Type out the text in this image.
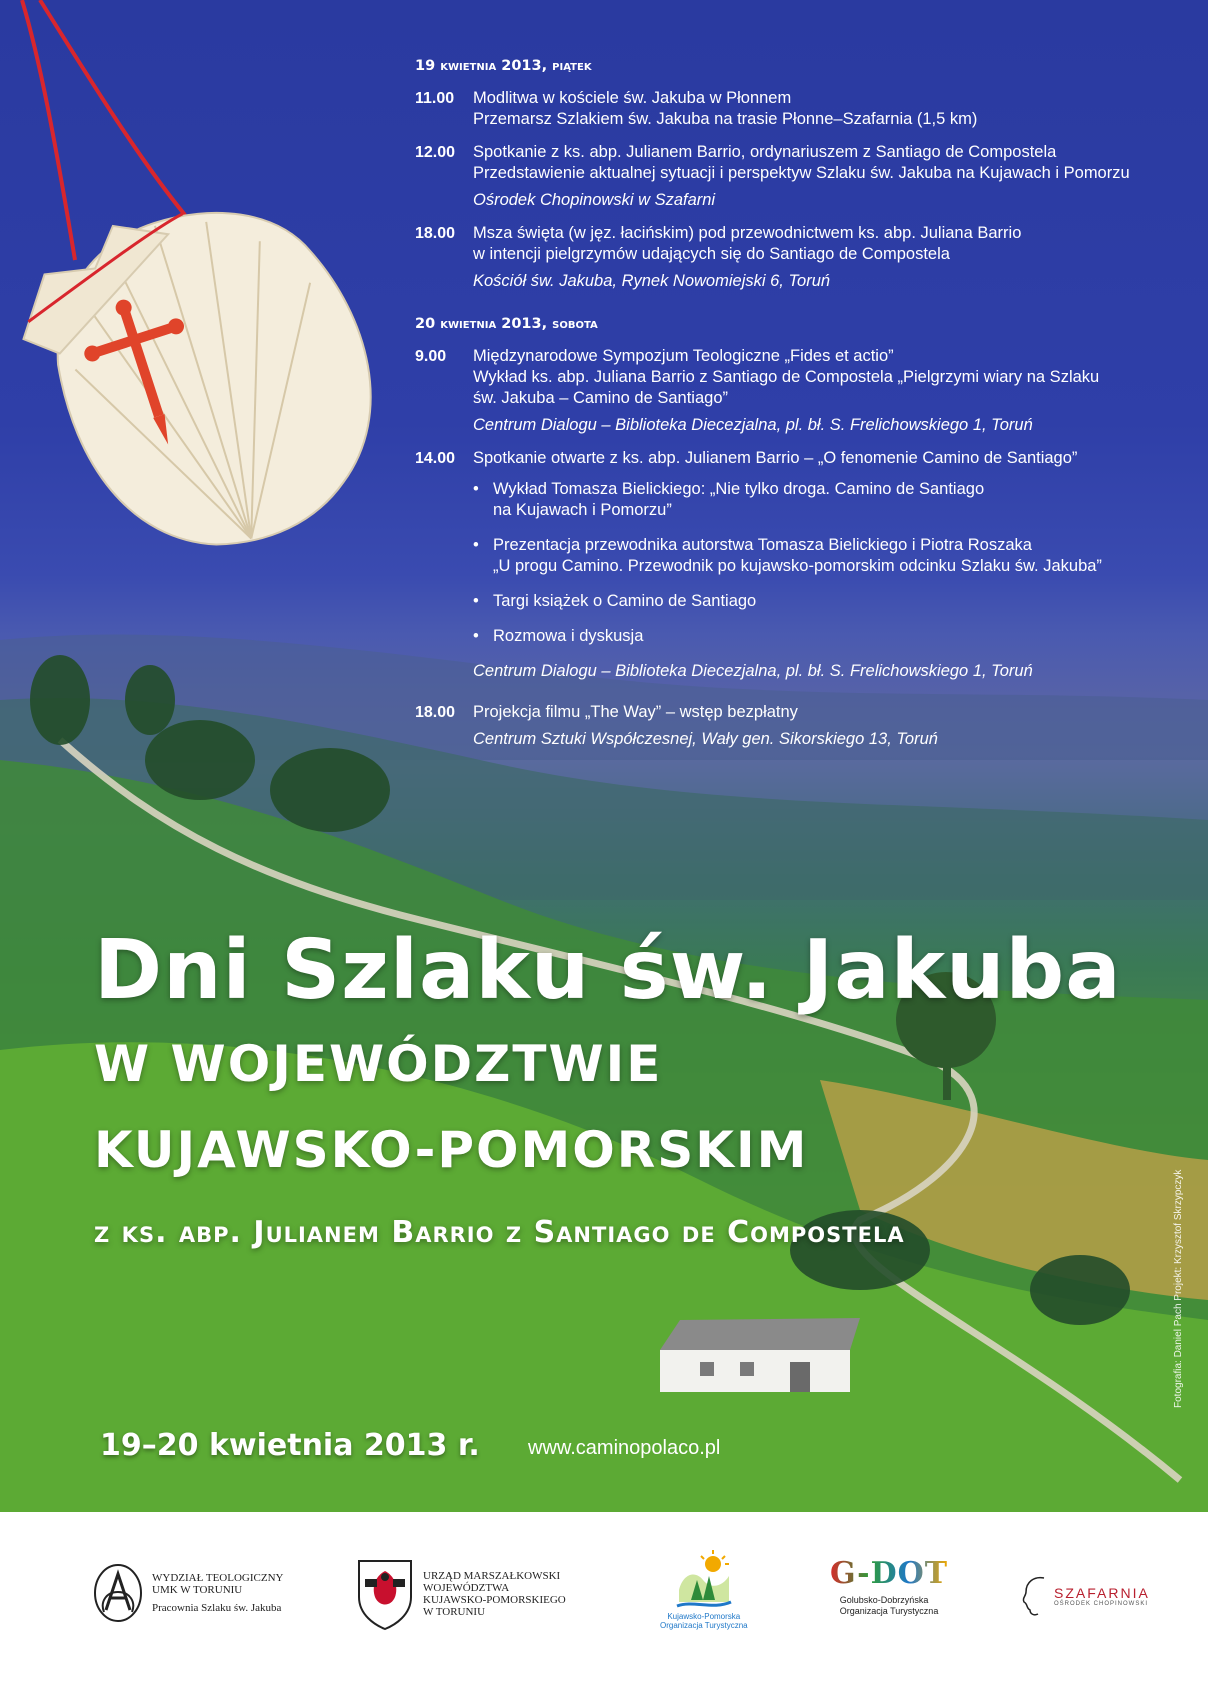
19 kwietnia 2013, piątek
11.00	Modlitwa w kościele św. Jakuba w Płonnem
Przemarsz Szlakiem św. Jakuba na trasie Płonne–Szafarnia (1,5 km)
12.00	Spotkanie z ks. abp. Julianem Barrio, ordynariuszem z Santiago de Compostela
Przedstawienie aktualnej sytuacji i perspektyw Szlaku św. Jakuba na Kujawach i Pomorzu
Ośrodek Chopinowski w Szafarni
18.00	Msza święta (w jęz. łacińskim) pod przewodnictwem ks. abp. Juliana Barrio
w intencji pielgrzymów udających się do Santiago de Compostela
Kościół św. Jakuba, Rynek Nowomiejski 6, Toruń
20 kwietnia 2013, sobota
9.00	Międzynarodowe Sympozjum Teologiczne „Fides et actio”
Wykład ks. abp. Juliana Barrio z Santiago de Compostela „Pielgrzymi wiary na Szlaku
św. Jakuba – Camino de Santiago”
Centrum Dialogu – Biblioteka Diecezjalna, pl. bł. S. Frelichowskiego 1, Toruń
14.00	Spotkanie otwarte z ks. abp. Julianem Barrio – „O fenomenie Camino de Santiago”
• Wykład Tomasza Bielickiego: „Nie tylko droga. Camino de Santiago
na Kujawach i Pomorzu”
• Prezentacja przewodnika autorstwa Tomasza Bielickiego i Piotra Roszaka
„U progu Camino. Przewodnik po kujawsko-pomorskim odcinku Szlaku św. Jakuba”
• Targi książek o Camino de Santiago
• Rozmowa i dyskusja
Centrum Dialogu – Biblioteka Diecezjalna, pl. bł. S. Frelichowskiego 1, Toruń
18.00	Projekcja filmu „The Way” – wstęp bezpłatny
Centrum Sztuki Współczesnej, Wały gen. Sikorskiego 13, Toruń
Dni Szlaku św. Jakuba
W WOJEWÓDZTWIE
KUJAWSKO-POMORSKIM
z ks. abp. Julianem Barrio z Santiago de Compostela
19–20 kwietnia 2013 r. www.caminopolaco.pl
Fotografia: Daniel Pach Projekt: Krzysztof Skrzypczyk
WYDZIAŁ TEOLOGICZNY
UMK W TORUNIU
Pracownia Szlaku św. Jakuba
URZĄD MARSZAŁKOWSKI
WOJEWÓDZTWA
KUJAWSKO-POMORSKIEGO
W TORUNIU	Kujawsko-Pomorska
Organizacja Turystyczna
G-DOT
Golubsko-Dobrzyńska
Organizacja Turystyczna
SZAFARNIA
OŚRODEK CHOPINOWSKI
